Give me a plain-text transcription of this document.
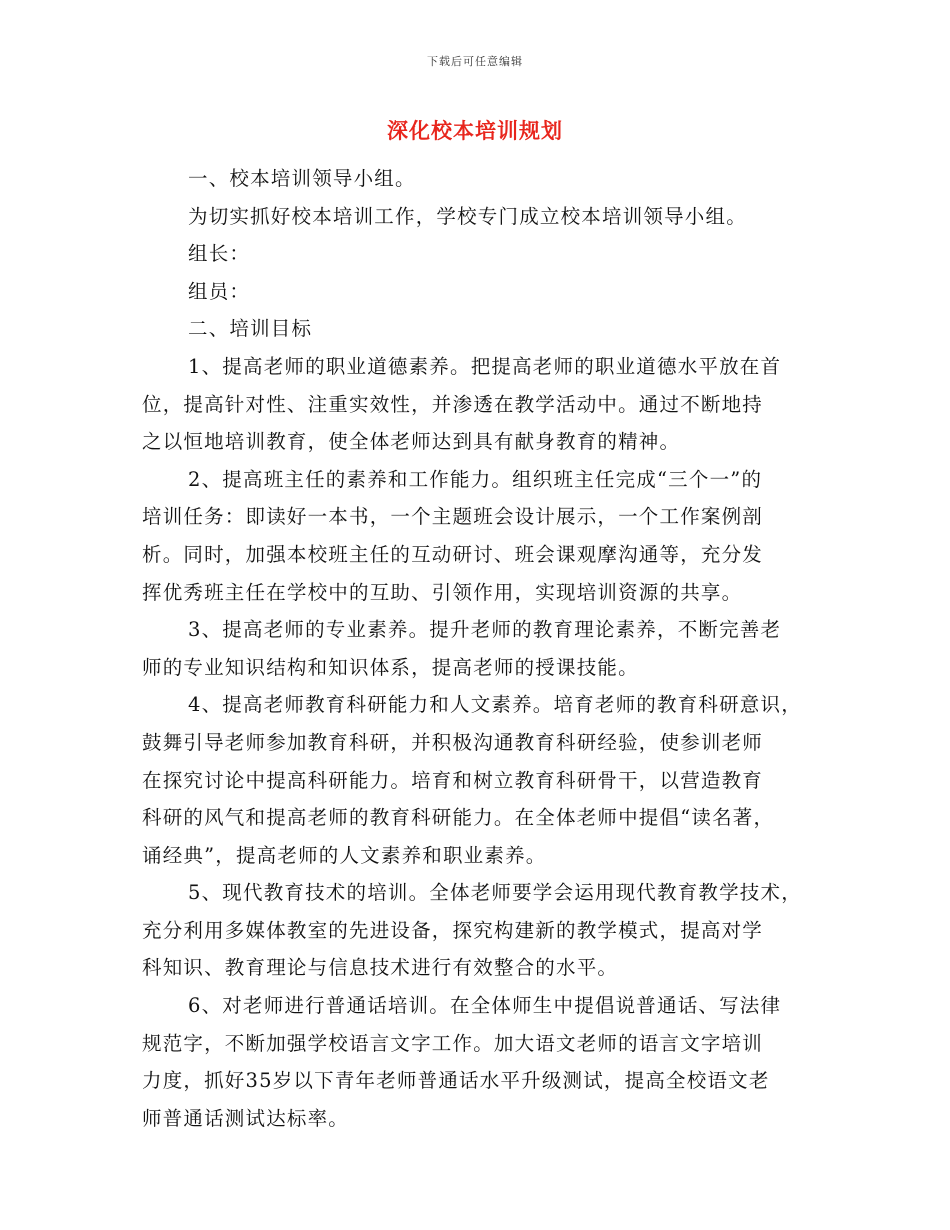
下载后可任意编辑
深化校本培训规划
一、校本培训领导小组。
为切实抓好校本培训工作，学校专门成立校本培训领导小组。
组长：
组员：
二、培训目标
1、提高老师的职业道德素养。把提高老师的职业道德水平放在首
位，提高针对性、注重实效性，并渗透在教学活动中。通过不断地持
之以恒地培训教育，使全体老师达到具有献身教育的精神。
2、提高班主任的素养和工作能力。组织班主任完成“三个一”的
培训任务：即读好一本书，一个主题班会设计展示，一个工作案例剖
析。同时，加强本校班主任的互动研讨、班会课观摩沟通等，充分发
挥优秀班主任在学校中的互助、引领作用，实现培训资源的共享。
3、提高老师的专业素养。提升老师的教育理论素养，不断完善老
师的专业知识结构和知识体系，提高老师的授课技能。
4、提高老师教育科研能力和人文素养。培育老师的教育科研意识，
鼓舞引导老师参加教育科研，并积极沟通教育科研经验，使参训老师
在探究讨论中提高科研能力。培育和树立教育科研骨干，以营造教育
科研的风气和提高老师的教育科研能力。在全体老师中提倡“读名著，
诵经典”，提高老师的人文素养和职业素养。
5、现代教育技术的培训。全体老师要学会运用现代教育教学技术，
充分利用多媒体教室的先进设备，探究构建新的教学模式，提高对学
科知识、教育理论与信息技术进行有效整合的水平。
6、对老师进行普通话培训。在全体师生中提倡说普通话、写法律
规范字，不断加强学校语言文字工作。加大语文老师的语言文字培训
力度，抓好35岁以下青年老师普通话水平升级测试，提高全校语文老
师普通话测试达标率。
